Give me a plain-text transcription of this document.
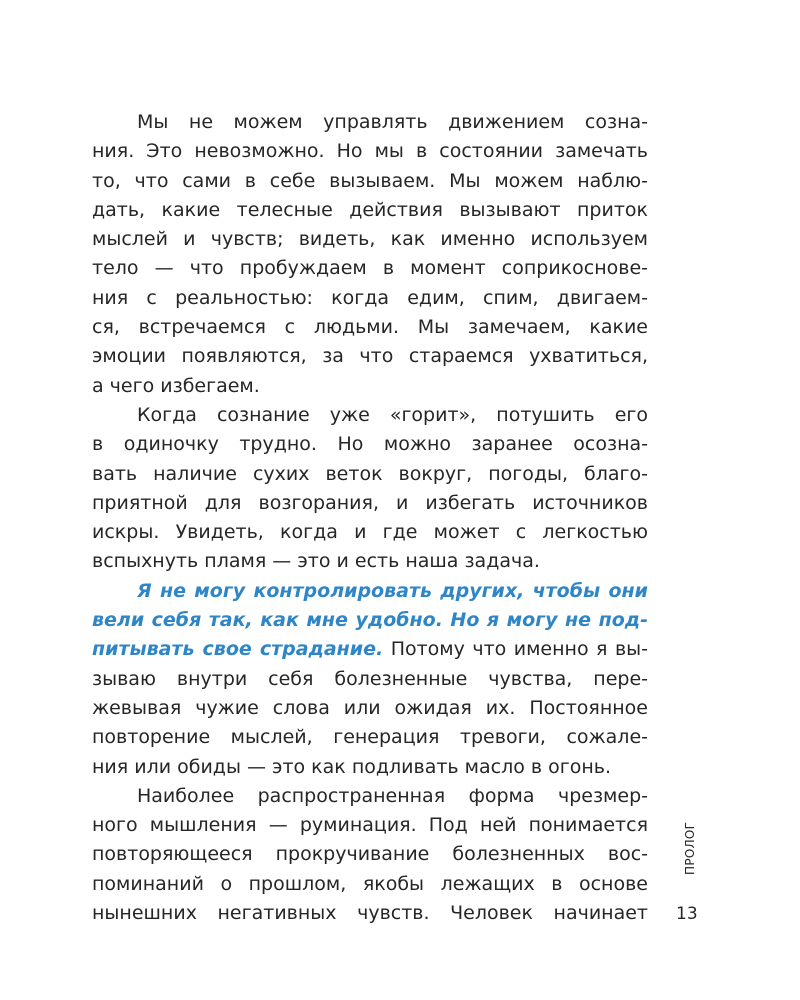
Мы не можем управлять движением созна-
ния. Это невозможно. Но мы в состоянии замечать
то, что сами в себе вызываем. Мы можем наблю-
дать, какие телесные действия вызывают приток
мыслей и чувств; видеть, как именно используем
тело — что пробуждаем в момент соприкоснове-
ния с реальностью: когда едим, спим, двигаем-
ся, встречаемся с людьми. Мы замечаем, какие
эмоции появляются, за что стараемся ухватиться,
а чего избегаем.
Когда сознание уже «горит», потушить его
в одиночку трудно. Но можно заранее осозна-
вать наличие сухих веток вокруг, погоды, благо-
приятной для возгорания, и избегать источников
искры. Увидеть, когда и где может с легкостью
вспыхнуть пламя — это и есть наша задача.
Я не могу контролировать других, чтобы они
вели себя так, как мне удобно. Но я могу не под-
питывать свое страдание. Потому что именно я вы-
зываю внутри себя болезненные чувства, пере-
жевывая чужие слова или ожидая их. Постоянное
повторение мыслей, генерация тревоги, сожале-
ния или обиды — это как подливать масло в огонь.
Наиболее распространенная форма чрезмер-
ного мышления — руминация. Под ней понимается
повторяющееся прокручивание болезненных вос-
поминаний о прошлом, якобы лежащих в основе
нынешних негативных чувств. Человек начинает
ПРОЛОГ
13
